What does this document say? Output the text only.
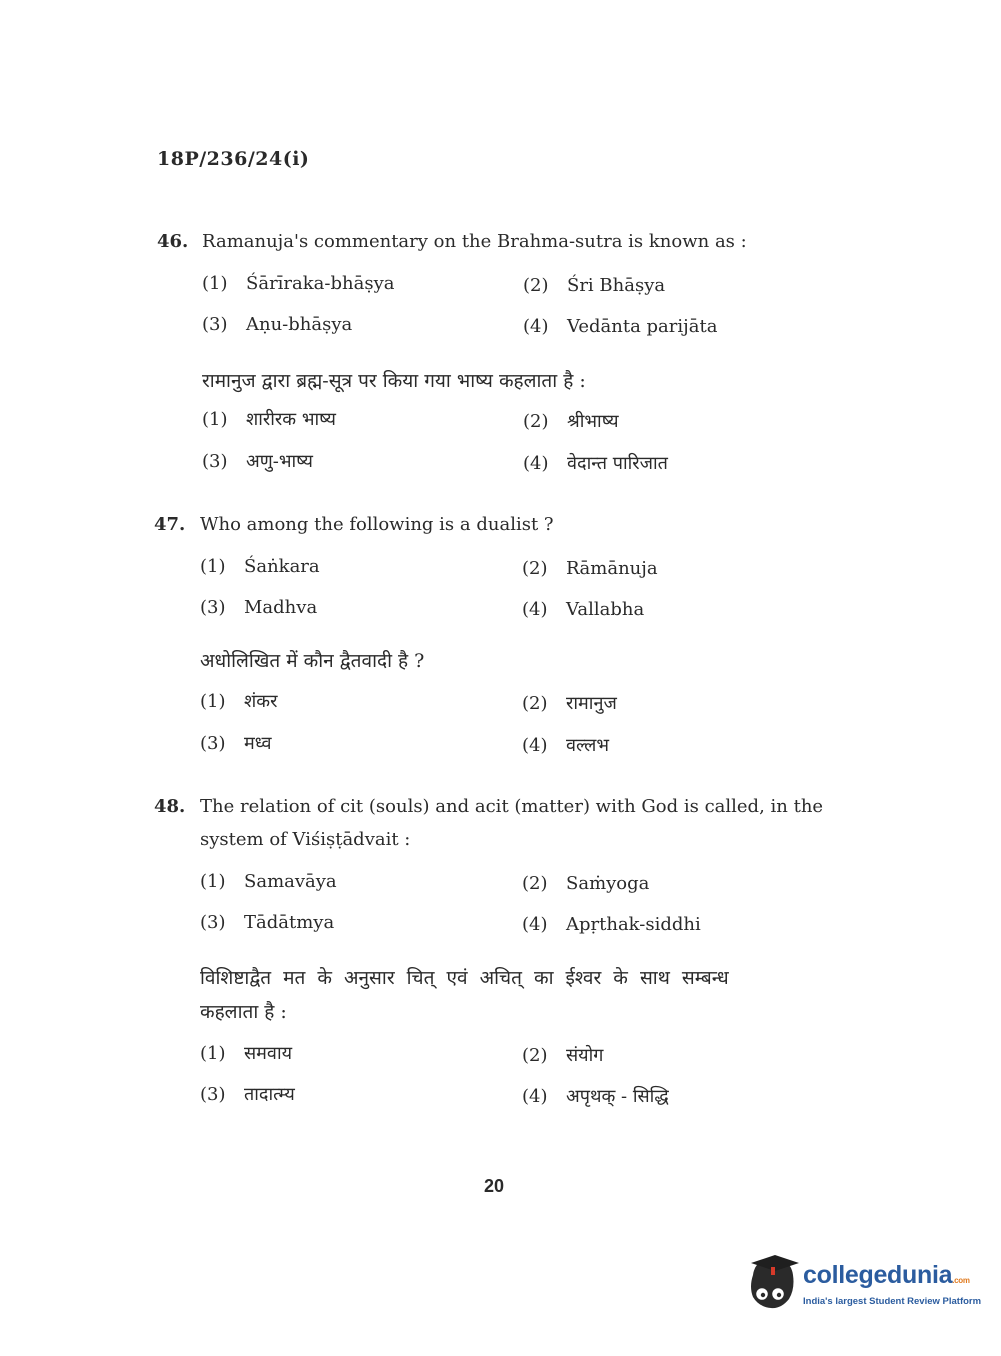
18P/236/24(i)
46. Ramanuja's commentary on the Brahma-sutra is known as :
(1) Śārīraka-bhāṣya	(2) Śri Bhāṣya
(3) Aṇu-bhāṣya	(4) Vedānta parijāta
रामानुज द्वारा ब्रह्म-सूत्र पर किया गया भाष्य कहलाता है :
(1) शारीरक भाष्य	(2) श्रीभाष्य
(3) अणु-भाष्य	(4) वेदान्त पारिजात
47. Who among the following is a dualist ?
(1) Śaṅkara	(2) Rāmānuja
(3) Madhva	(4) Vallabha
अधोलिखित में कौन द्वैतवादी है ?
(1) शंकर	(2) रामानुज
(3) मध्व	(4) वल्लभ
48. The relation of cit (souls) and acit (matter) with God is called, in the
system of Viśiṣṭādvait :
(1) Samavāya	(2) Saṁyoga
(3) Tādātmya	(4) Apṛthak-siddhi
विशिष्टाद्वैत मत के अनुसार चित् एवं अचित् का ईश्वर के साथ सम्बन्ध
कहलाता है :
(1) समवाय	(2) संयोग
(3) तादात्म्य	(4) अपृथक् - सिद्धि
20
collegedunia.com
India's largest Student Review Platform
